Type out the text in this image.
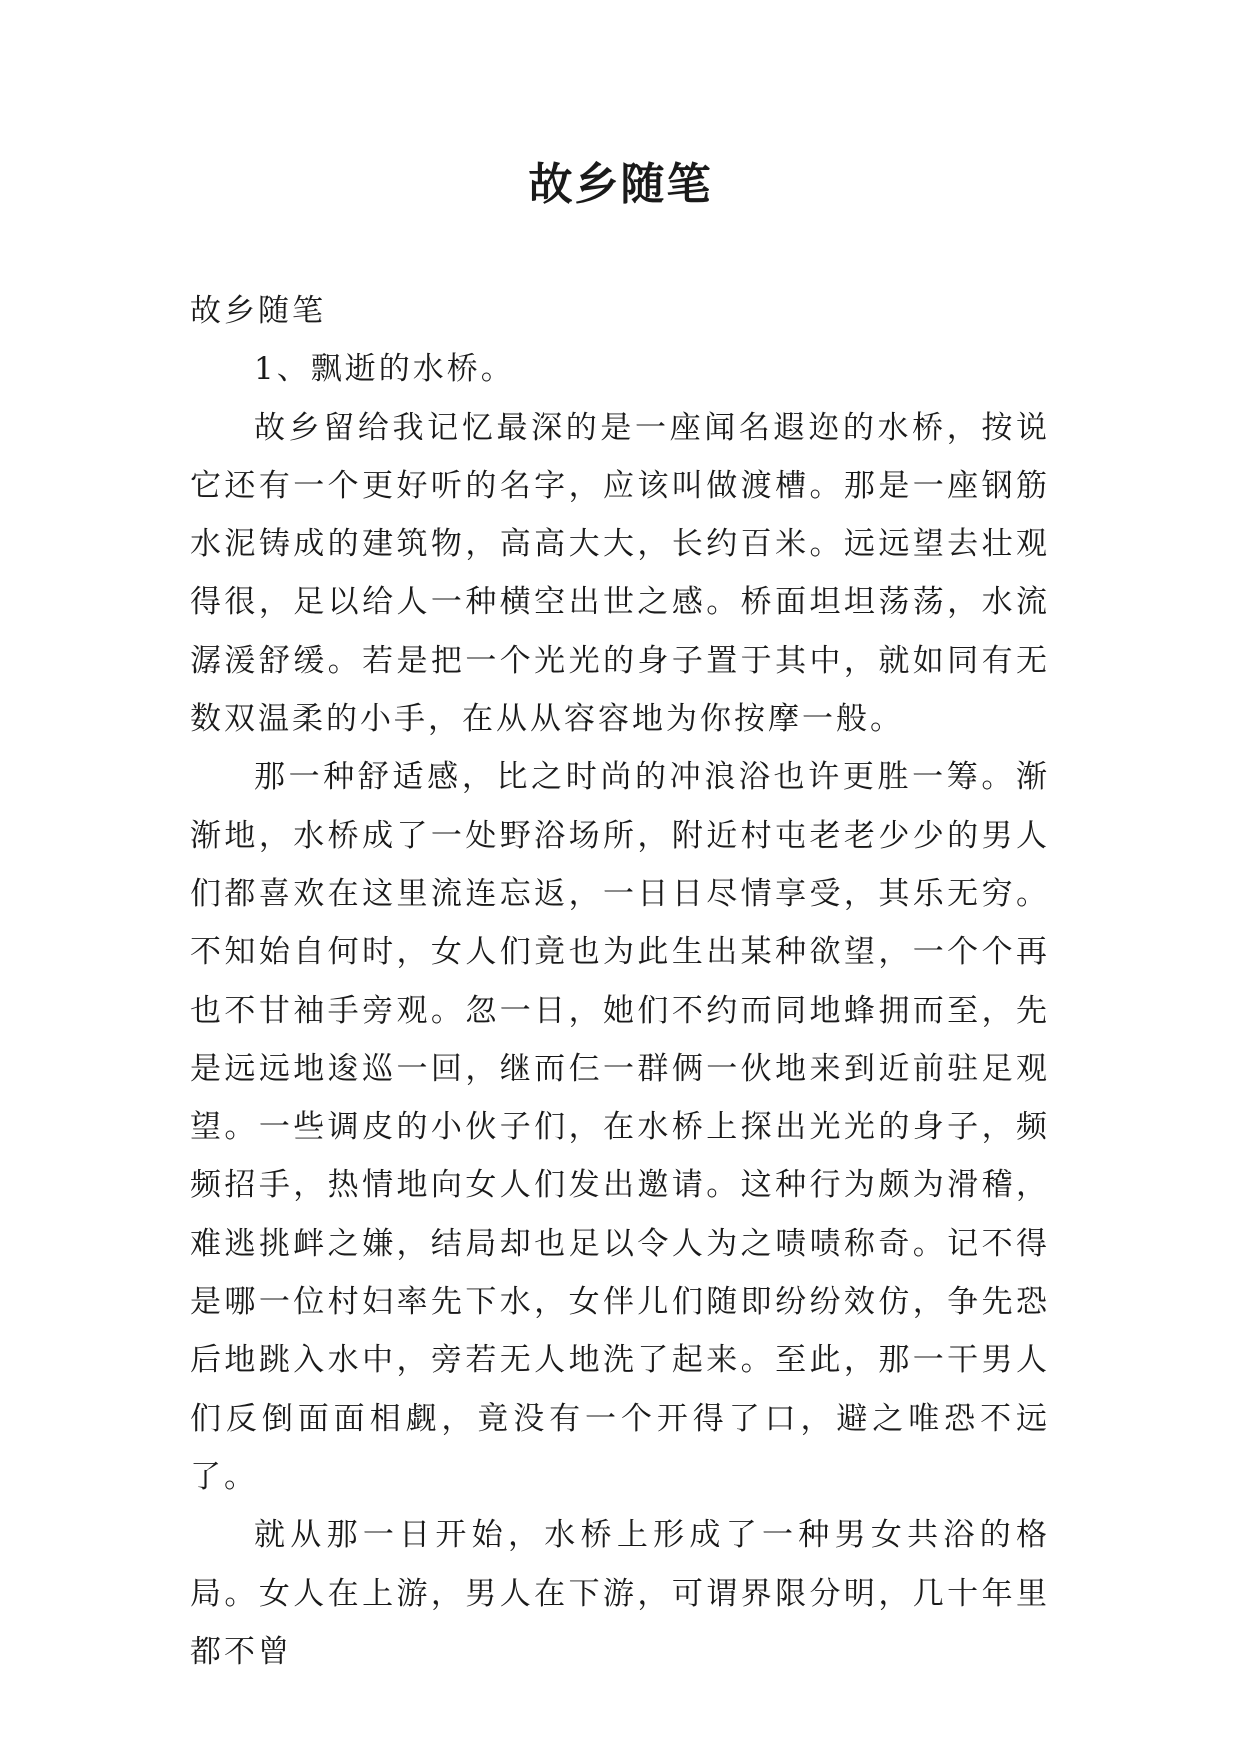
故乡随笔

故乡随笔

1、飘逝的水桥。

故乡留给我记忆最深的是一座闻名遐迩的水桥，按说它还有一个更好听的名字，应该叫做渡槽。那是一座钢筋水泥铸成的建筑物，高高大大，长约百米。远远望去壮观得很，足以给人一种横空出世之感。桥面坦坦荡荡，水流潺湲舒缓。若是把一个光光的身子置于其中，就如同有无数双温柔的小手，在从从容容地为你按摩一般。

那一种舒适感，比之时尚的冲浪浴也许更胜一筹。渐渐地，水桥成了一处野浴场所，附近村屯老老少少的男人们都喜欢在这里流连忘返，一日日尽情享受，其乐无穷。不知始自何时，女人们竟也为此生出某种欲望，一个个再也不甘袖手旁观。忽一日，她们不约而同地蜂拥而至，先是远远地逡巡一回，继而仨一群俩一伙地来到近前驻足观望。一些调皮的小伙子们，在水桥上探出光光的身子，频频招手，热情地向女人们发出邀请。这种行为颇为滑稽，难逃挑衅之嫌，结局却也足以令人为之啧啧称奇。记不得是哪一位村妇率先下水，女伴儿们随即纷纷效仿，争先恐后地跳入水中，旁若无人地洗了起来。至此，那一干男人们反倒面面相觑，竟没有一个开得了口，避之唯恐不远了。

就从那一日开始，水桥上形成了一种男女共浴的格局。女人在上游，男人在下游，可谓界限分明，几十年里都不曾
